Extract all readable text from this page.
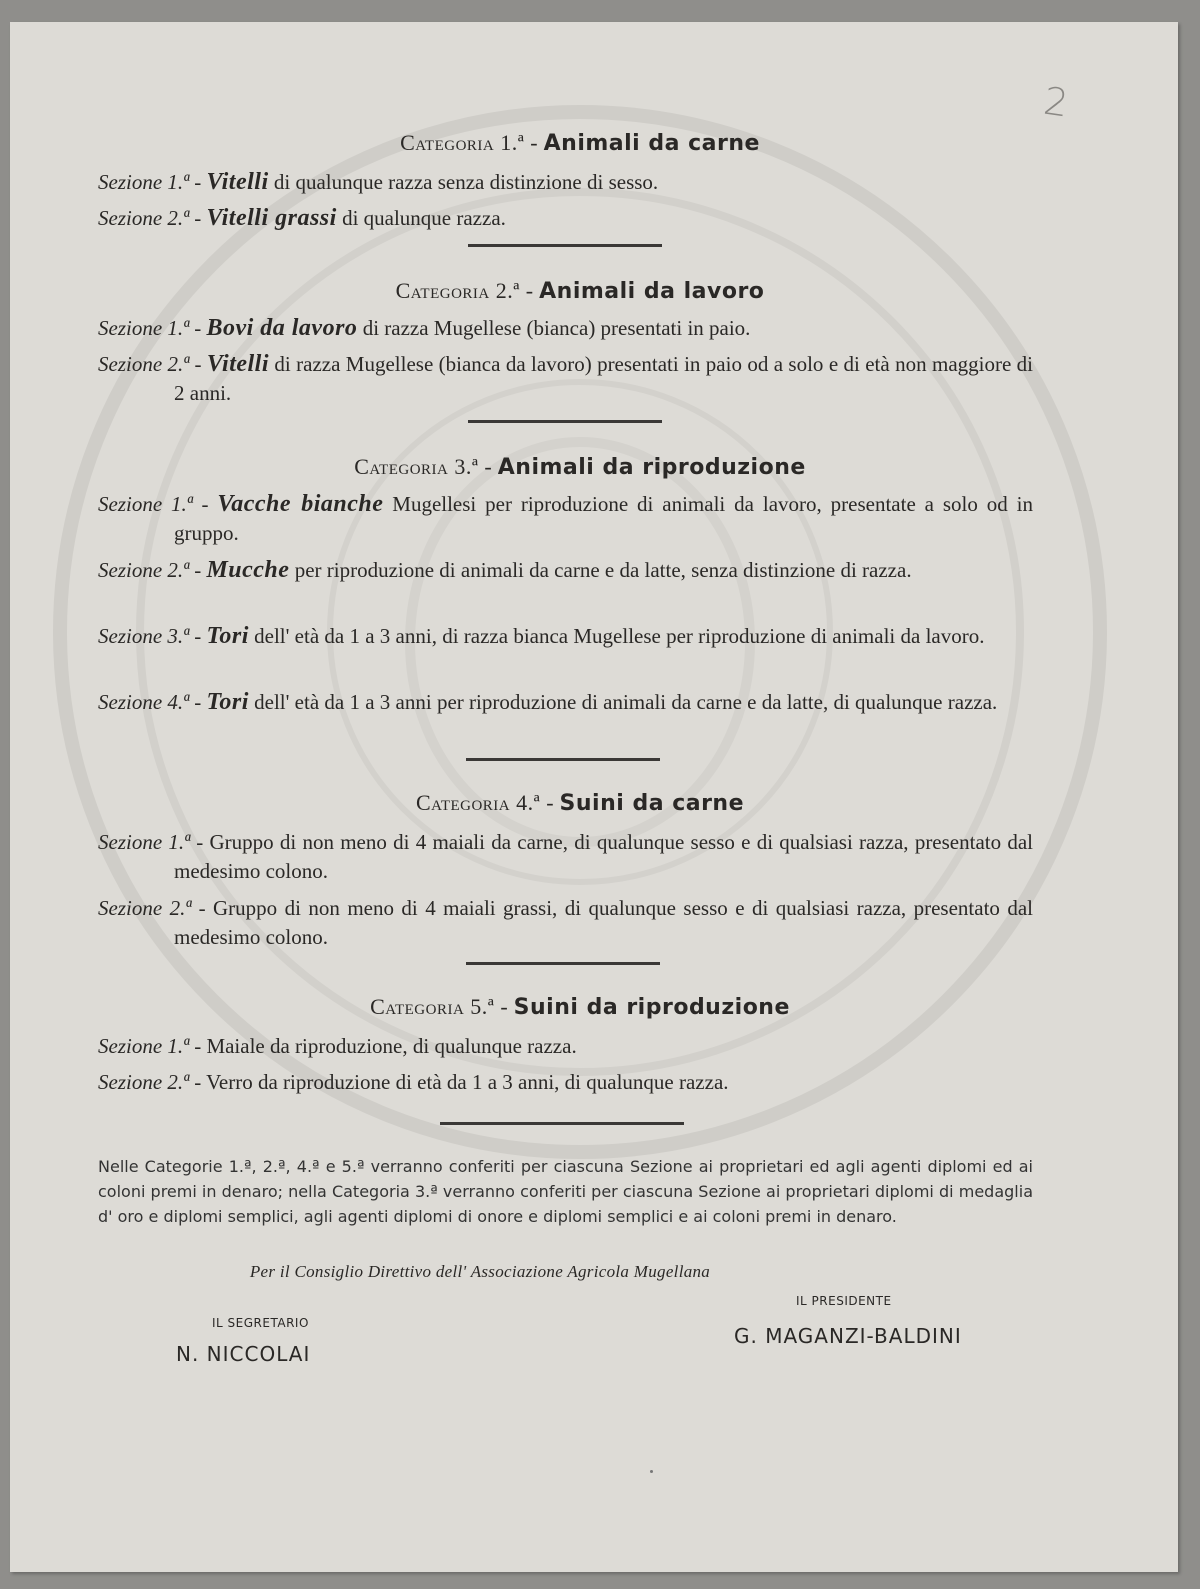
2
Categoria 1.ª - Animali da carne
Sezione 1.ª - Vitelli di qualunque razza senza distinzione di sesso.
Sezione 2.ª - Vitelli grassi di qualunque razza.
Categoria 2.ª - Animali da lavoro
Sezione 1.ª - Bovi da lavoro di razza Mugellese (bianca) presentati in paio.
Sezione 2.ª - Vitelli di razza Mugellese (bianca da lavoro) presentati in paio od a solo e di età non maggiore di 2 anni.
Categoria 3.ª - Animali da riproduzione
Sezione 1.ª - Vacche bianche Mugellesi per riproduzione di animali da lavoro, presentate a solo od in gruppo.
Sezione 2.ª - Mucche per riproduzione di animali da carne e da latte, senza distinzione di razza.
Sezione 3.ª - Tori dell' età da 1 a 3 anni, di razza bianca Mugellese per riproduzione di animali da lavoro.
Sezione 4.ª - Tori dell' età da 1 a 3 anni per riproduzione di animali da carne e da latte, di qualunque razza.
Categoria 4.ª - Suini da carne
Sezione 1.ª - Gruppo di non meno di 4 maiali da carne, di qualunque sesso e di qualsiasi razza, presentato dal medesimo colono.
Sezione 2.ª - Gruppo di non meno di 4 maiali grassi, di qualunque sesso e di qualsiasi razza, presentato dal medesimo colono.
Categoria 5.ª - Suini da riproduzione
Sezione 1.ª - Maiale da riproduzione, di qualunque razza.
Sezione 2.ª - Verro da riproduzione di età da 1 a 3 anni, di qualunque razza.
Nelle Categorie 1.ª, 2.ª, 4.ª e 5.ª verranno conferiti per ciascuna Sezione ai proprietari ed agli agenti diplomi ed ai coloni premi in denaro; nella Categoria 3.ª verranno conferiti per ciascuna Sezione ai proprietari diplomi di medaglia d' oro e diplomi semplici, agli agenti diplomi di onore e diplomi semplici e ai coloni premi in denaro.
Per il Consiglio Direttivo dell' Associazione Agricola Mugellana
IL SEGRETARIO
N. NICCOLAI
IL PRESIDENTE
G. MAGANZI-BALDINI
